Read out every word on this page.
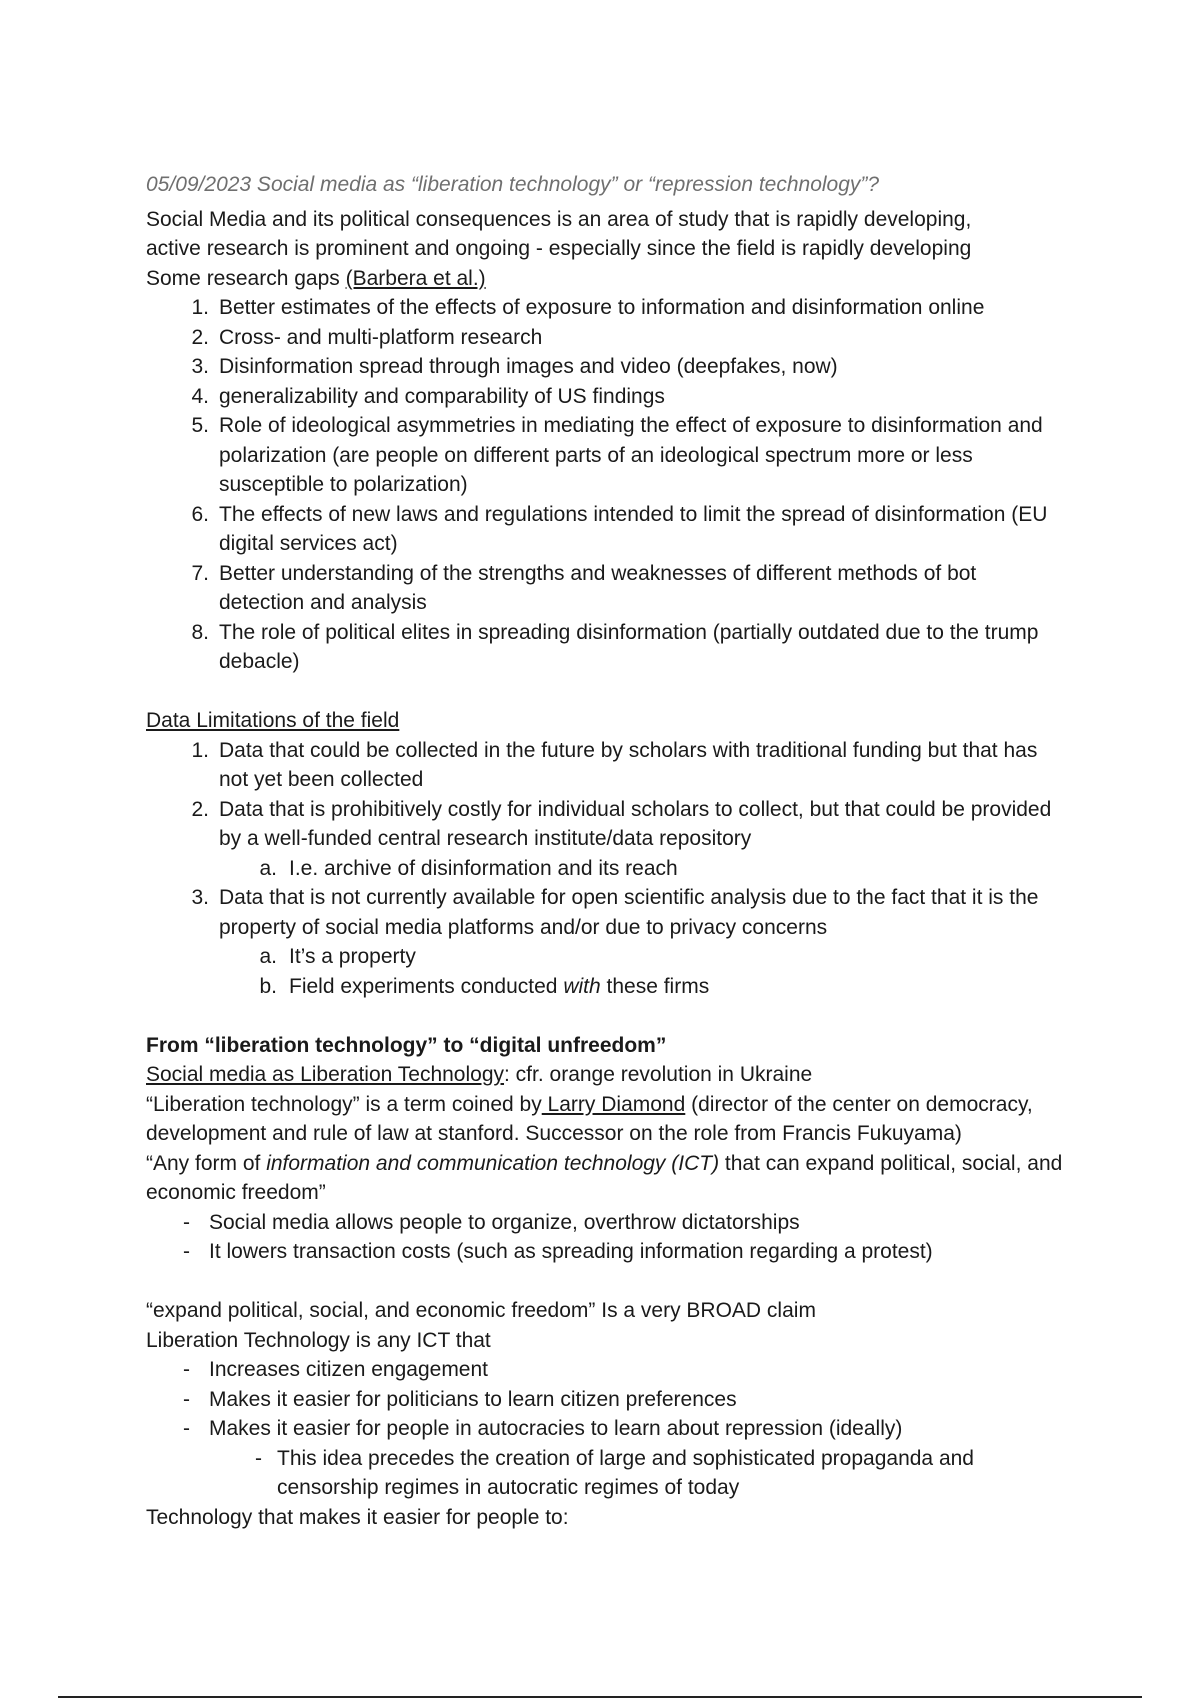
05/09/2023 Social media as “liberation technology” or “repression technology”?

Social Media and its political consequences is an area of study that is rapidly developing,

active research is prominent and ongoing - especially since the field is rapidly developing

Some research gaps (Barbera et al.)

1. Better estimates of the effects of exposure to information and disinformation online
2. Cross- and multi-platform research
3. Disinformation spread through images and video (deepfakes, now)
4. generalizability and comparability of US findings
5. Role of ideological asymmetries in mediating the effect of exposure to disinformation and polarization (are people on different parts of an ideological spectrum more or less susceptible to polarization)
6. The effects of new laws and regulations intended to limit the spread of disinformation (EU digital services act)
7. Better understanding of the strengths and weaknesses of different methods of bot detection and analysis
8. The role of political elites in spreading disinformation (partially outdated due to the trump debacle)

Data Limitations of the field

1. Data that could be collected in the future by scholars with traditional funding but that has not yet been collected
2. Data that is prohibitively costly for individual scholars to collect, but that could be provided by a well-funded central research institute/data repository
a. I.e. archive of disinformation and its reach
3. Data that is not currently available for open scientific analysis due to the fact that it is the property of social media platforms and/or due to privacy concerns
a. It’s a property
b. Field experiments conducted with these firms

From “liberation technology” to “digital unfreedom”

Social media as Liberation Technology: cfr. orange revolution in Ukraine

“Liberation technology” is a term coined by Larry Diamond (director of the center on democracy, development and rule of law at stanford. Successor on the role from Francis Fukuyama)

“Any form of information and communication technology (ICT) that can expand political, social, and economic freedom”

- Social media allows people to organize, overthrow dictatorships
- It lowers transaction costs (such as spreading information regarding a protest)

“expand political, social, and economic freedom” Is a very BROAD claim

Liberation Technology is any ICT that

- Increases citizen engagement
- Makes it easier for politicians to learn citizen preferences
- Makes it easier for people in autocracies to learn about repression (ideally)
- This idea precedes the creation of large and sophisticated propaganda and censorship regimes in autocratic regimes of today

Technology that makes it easier for people to:
